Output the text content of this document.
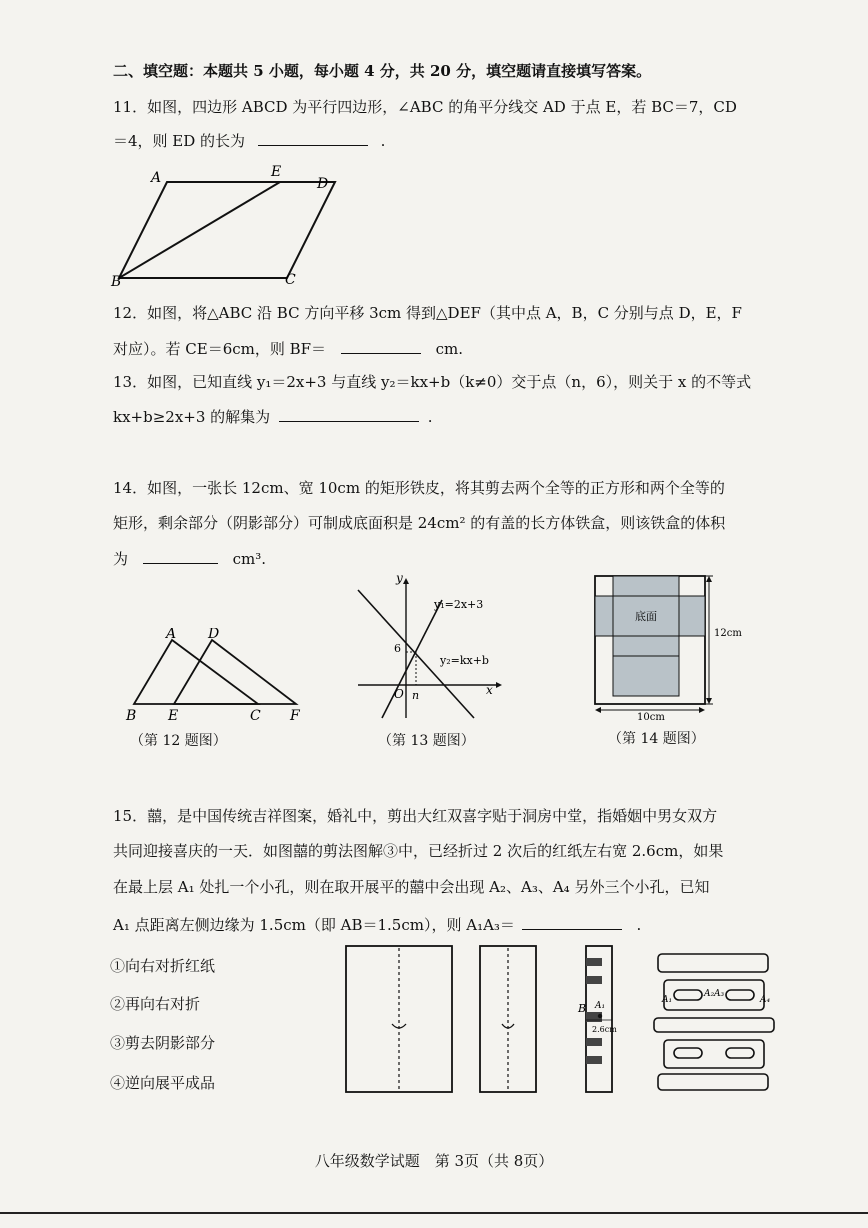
二、填空题：本题共 5 小题，每小题 4 分，共 20 分，填空题请直接填写答案。
11．如图，四边形 ABCD 为平行四边形，∠ABC 的角平分线交 AD 于点 E，若 BC＝7，CD
＝4，则 ED 的长为	.
A	E
D
B	C
12．如图，将△ABC 沿 BC 方向平移 3cm 得到△DEF（其中点 A，B，C 分别与点 D，E，F
对应）。若 CE＝6cm，则 BF＝	cm.
13．如图，已知直线 y₁＝2x+3 与直线 y₂＝kx+b（k≠0）交于点（n，6），则关于 x 的不等式
kx+b≥2x+3 的解集为	.
14．如图，一张长 12cm、宽 10cm 的矩形铁皮，将其剪去两个全等的正方形和两个全等的
矩形，剩余部分（阴影部分）可制成底面积是 24cm² 的有盖的长方体铁盒，则该铁盒的体积
为	cm³.
A D
B E	C F
（第 12 题图）
y
x
O n
6
y₁=2x+3
y₂=kx+b
（第 13 题图）
底面
12cm
10cm
（第 14 题图）
15．囍，是中国传统吉祥图案，婚礼中，剪出大红双喜字贴于洞房中堂，指婚姻中男女双方
共同迎接喜庆的一天．如图囍的剪法图解③中，已经折过 2 次后的红纸左右宽 2.6cm，如果
在最上层 A₁ 处扎一个小孔，则在取开展平的囍中会出现 A₂、A₃、A₄ 另外三个小孔，已知
A₁ 点距离左侧边缘为 1.5cm（即 AB＝1.5cm），则 A₁A₃＝	.
①向右对折红纸
②再向右对折
③剪去阴影部分
④逆向展平成品
B A₁
2.6cm
A₁
A₂ A₃
A₄
八年级数学试题　第 3页（共 8页）
